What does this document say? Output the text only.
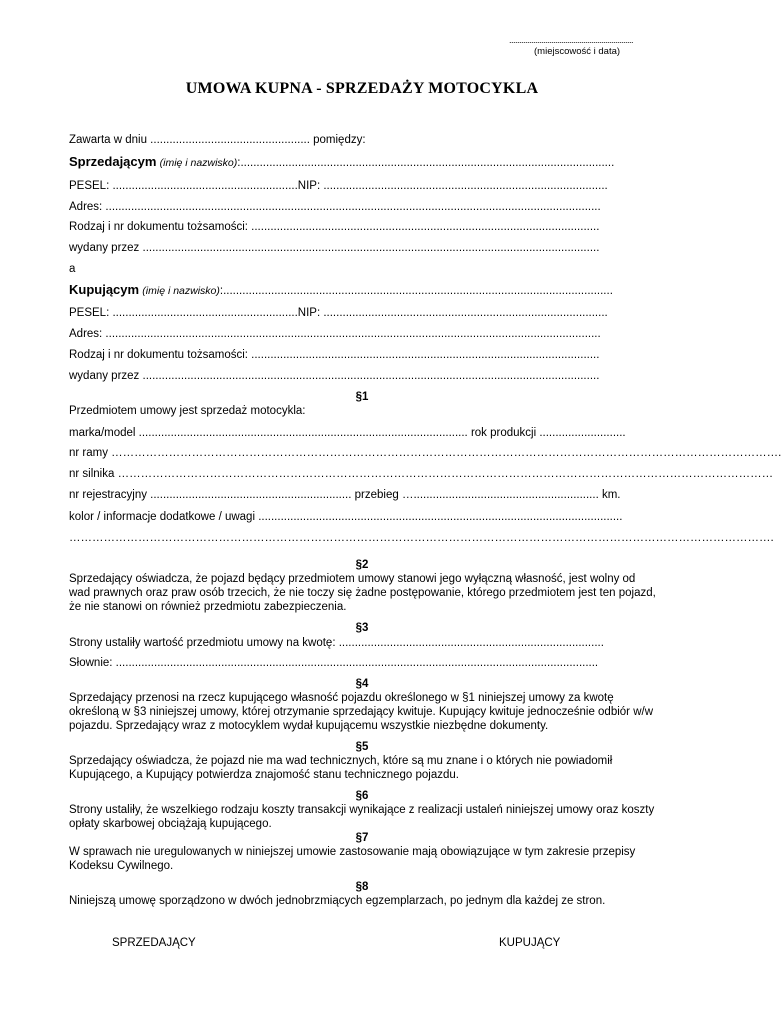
..............................................................
(miejscowość i data)
UMOWA KUPNA - SPRZEDAŻY MOTOCYKLA
Zawarta w dniu .................................................. pomiędzy:
Sprzedającym (imię i nazwisko):.....................................................................................................................
PESEL: ..........................................................NIP: .........................................................................................
Adres: ...........................................................................................................................................................
Rodzaj i nr dokumentu tożsamości: .............................................................................................................
wydany przez ...............................................................................................................................................
a
Kupującym (imię i nazwisko):..........................................................................................................................
PESEL: ..........................................................NIP: .........................................................................................
Adres: ...........................................................................................................................................................
Rodzaj i nr dokumentu tożsamości: .............................................................................................................
wydany przez ...............................................................................................................................................
§1
Przedmiotem umowy jest sprzedaż motocykla:
marka/model ....................................................................................................... rok produkcji ...........................
nr ramy ………………………………………………………………………………………………………………………………………………………….
nr silnika ………………………………………………………………………………………………………………………………………………………
nr rejestracyjny ............................................................... przebieg ….......................................................... km.
kolor / informacje dodatkowe / uwagi ..................................................................................................................
………………………………………………………………………………………………………………………………………………………………….
§2
Sprzedający oświadcza, że pojazd będący przedmiotem umowy stanowi jego wyłączną własność, jest wolny od wad prawnych oraz praw osób trzecich, że nie toczy się żadne postępowanie, którego przedmiotem jest ten pojazd, że nie stanowi on również przedmiotu zabezpieczenia.
§3
Strony ustaliły wartość przedmiotu umowy na kwotę: ...................................................................................
Słownie: .......................................................................................................................................................
§4
Sprzedający przenosi na rzecz kupującego własność pojazdu określonego w §1 niniejszej umowy za kwotę określoną w §3 niniejszej umowy, której otrzymanie sprzedający kwituje. Kupujący kwituje jednocześnie odbiór w/w pojazdu. Sprzedający wraz z motocyklem wydał kupującemu wszystkie niezbędne dokumenty.
§5
Sprzedający oświadcza, że pojazd nie ma wad technicznych, które są mu znane i o których nie powiadomił Kupującego, a Kupujący potwierdza znajomość stanu technicznego pojazdu.
§6
Strony ustaliły, że wszelkiego rodzaju koszty transakcji wynikające z realizacji ustaleń niniejszej umowy oraz koszty opłaty skarbowej obciążają kupującego.
§7
W sprawach nie uregulowanych w niniejszej umowie zastosowanie mają obowiązujące w tym zakresie przepisy Kodeksu Cywilnego.
§8
Niniejszą umowę sporządzono w dwóch jednobrzmiących egzemplarzach, po jednym dla każdej ze stron.
SPRZEDAJĄCY	KUPUJĄCY
